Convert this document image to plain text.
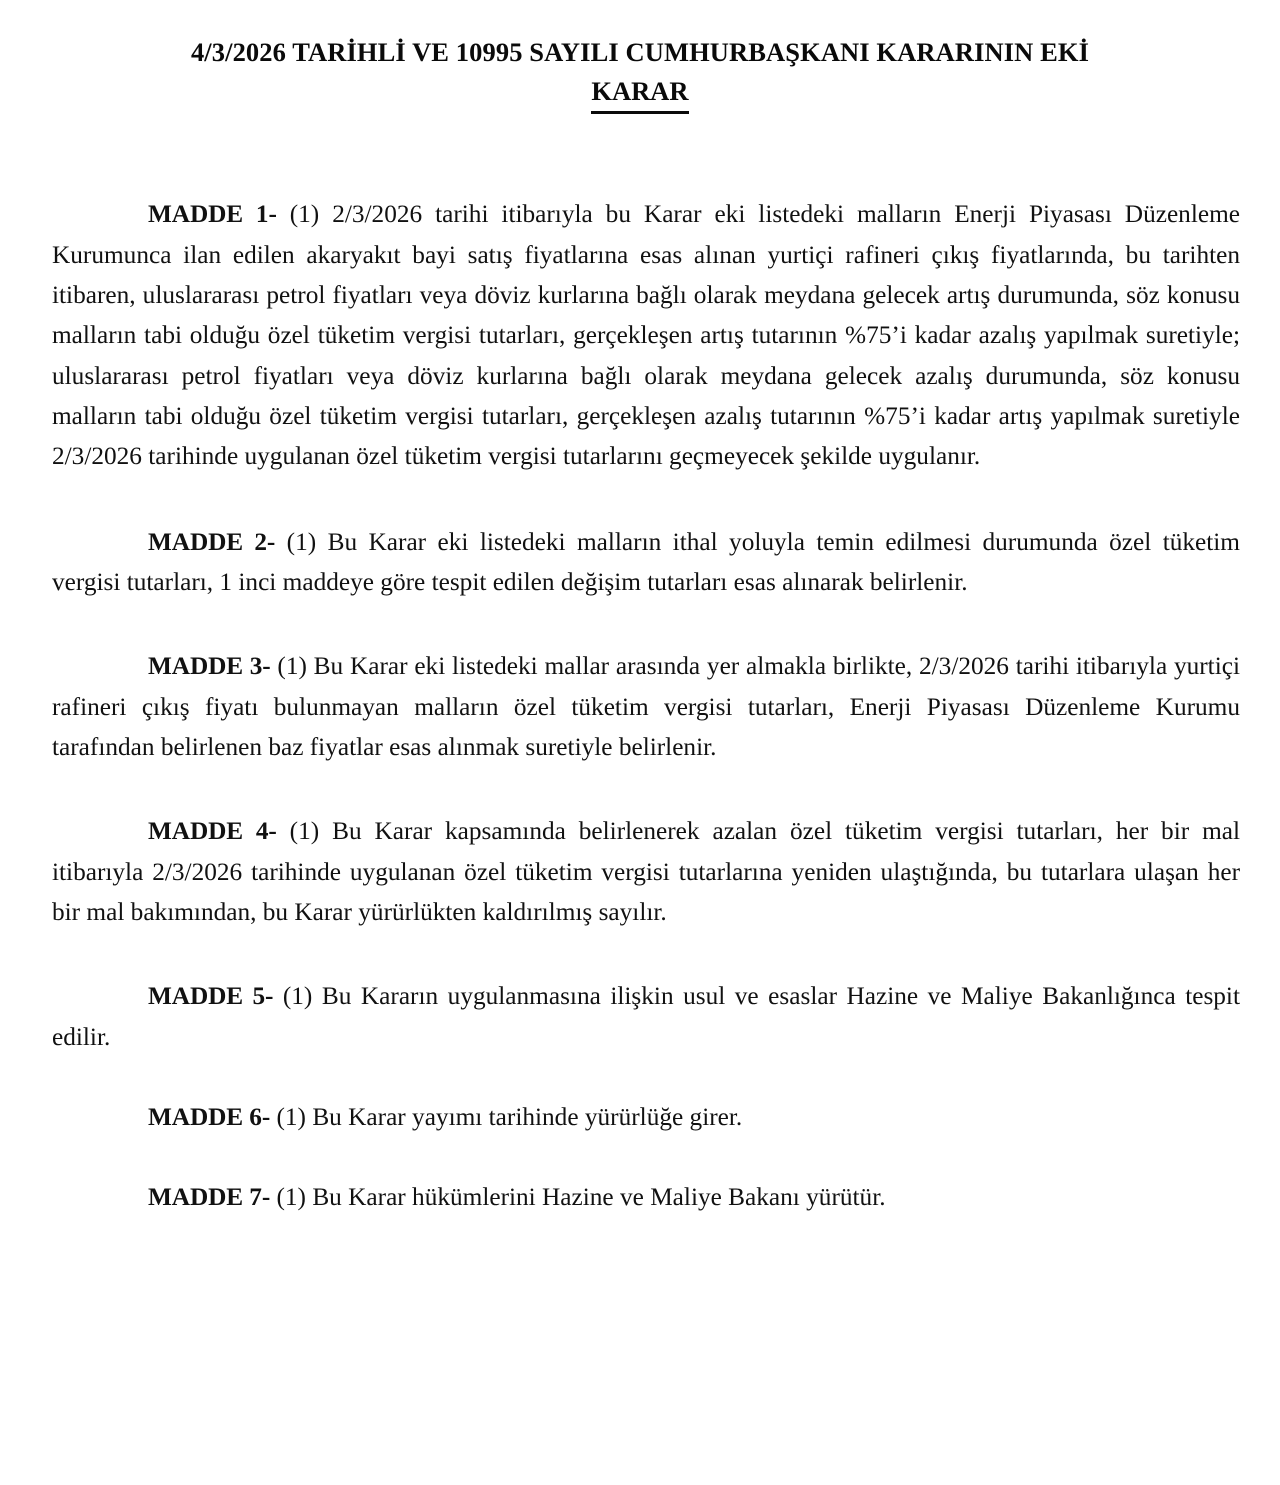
4/3/2026 TARİHLİ VE 10995 SAYILI CUMHURBAŞKANI KARARININ EKİ
KARAR

MADDE 1- (1) 2/3/2026 tarihi itibarıyla bu Karar eki listedeki malların Enerji Piyasası Düzenleme Kurumunca ilan edilen akaryakıt bayi satış fiyatlarına esas alınan yurtiçi rafineri çıkış fiyatlarında, bu tarihten itibaren, uluslararası petrol fiyatları veya döviz kurlarına bağlı olarak meydana gelecek artış durumunda, söz konusu malların tabi olduğu özel tüketim vergisi tutarları, gerçekleşen artış tutarının %75’i kadar azalış yapılmak suretiyle; uluslararası petrol fiyatları veya döviz kurlarına bağlı olarak meydana gelecek azalış durumunda, söz konusu malların tabi olduğu özel tüketim vergisi tutarları, gerçekleşen azalış tutarının %75’i kadar artış yapılmak suretiyle 2/3/2026 tarihinde uygulanan özel tüketim vergisi tutarlarını geçmeyecek şekilde uygulanır.

MADDE 2- (1) Bu Karar eki listedeki malların ithal yoluyla temin edilmesi durumunda özel tüketim vergisi tutarları, 1 inci maddeye göre tespit edilen değişim tutarları esas alınarak belirlenir.

MADDE 3- (1) Bu Karar eki listedeki mallar arasında yer almakla birlikte, 2/3/2026 tarihi itibarıyla yurtiçi rafineri çıkış fiyatı bulunmayan malların özel tüketim vergisi tutarları, Enerji Piyasası Düzenleme Kurumu tarafından belirlenen baz fiyatlar esas alınmak suretiyle belirlenir.

MADDE 4- (1) Bu Karar kapsamında belirlenerek azalan özel tüketim vergisi tutarları, her bir mal itibarıyla 2/3/2026 tarihinde uygulanan özel tüketim vergisi tutarlarına yeniden ulaştığında, bu tutarlara ulaşan her bir mal bakımından, bu Karar yürürlükten kaldırılmış sayılır.

MADDE 5- (1) Bu Kararın uygulanmasına ilişkin usul ve esaslar Hazine ve Maliye Bakanlığınca tespit edilir.

MADDE 6- (1) Bu Karar yayımı tarihinde yürürlüğe girer.

MADDE 7- (1) Bu Karar hükümlerini Hazine ve Maliye Bakanı yürütür.
